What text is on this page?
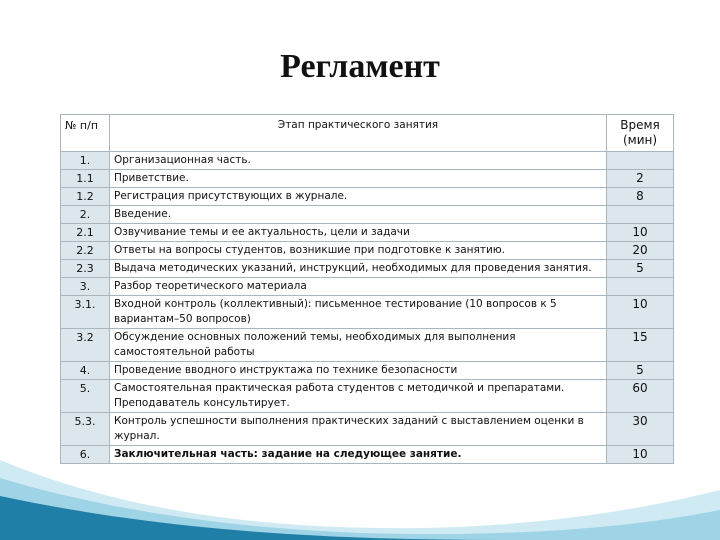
Регламент
№ п/п	Этап практического занятия	Время (мин)
1.	Организационная часть.	
1.1	Приветствие.	2
1.2	Регистрация присутствующих в журнале.	8
2.	Введение.	
2.1	Озвучивание темы и ее актуальность, цели и задачи	10
2.2	Ответы на вопросы студентов, возникшие при подготовке к занятию.	20
2.3	Выдача методических указаний, инструкций, необходимых для проведения занятия.	5
3.	Разбор теоретического материала	
3.1.	Входной контроль (коллективный): письменное тестирование (10 вопросов к 5 вариантам–50 вопросов)	10
3.2	Обсуждение основных положений темы, необходимых для выполнения самостоятельной работы	15
4.	Проведение вводного инструктажа по технике безопасности	5
5.	Самостоятельная практическая работа студентов с методичкой и препаратами. Преподаватель консультирует.	60
5.3.	Контроль успешности выполнения практических заданий с выставлением оценки в журнал.	30
6.	Заключительная часть: задание на следующее занятие.	10
